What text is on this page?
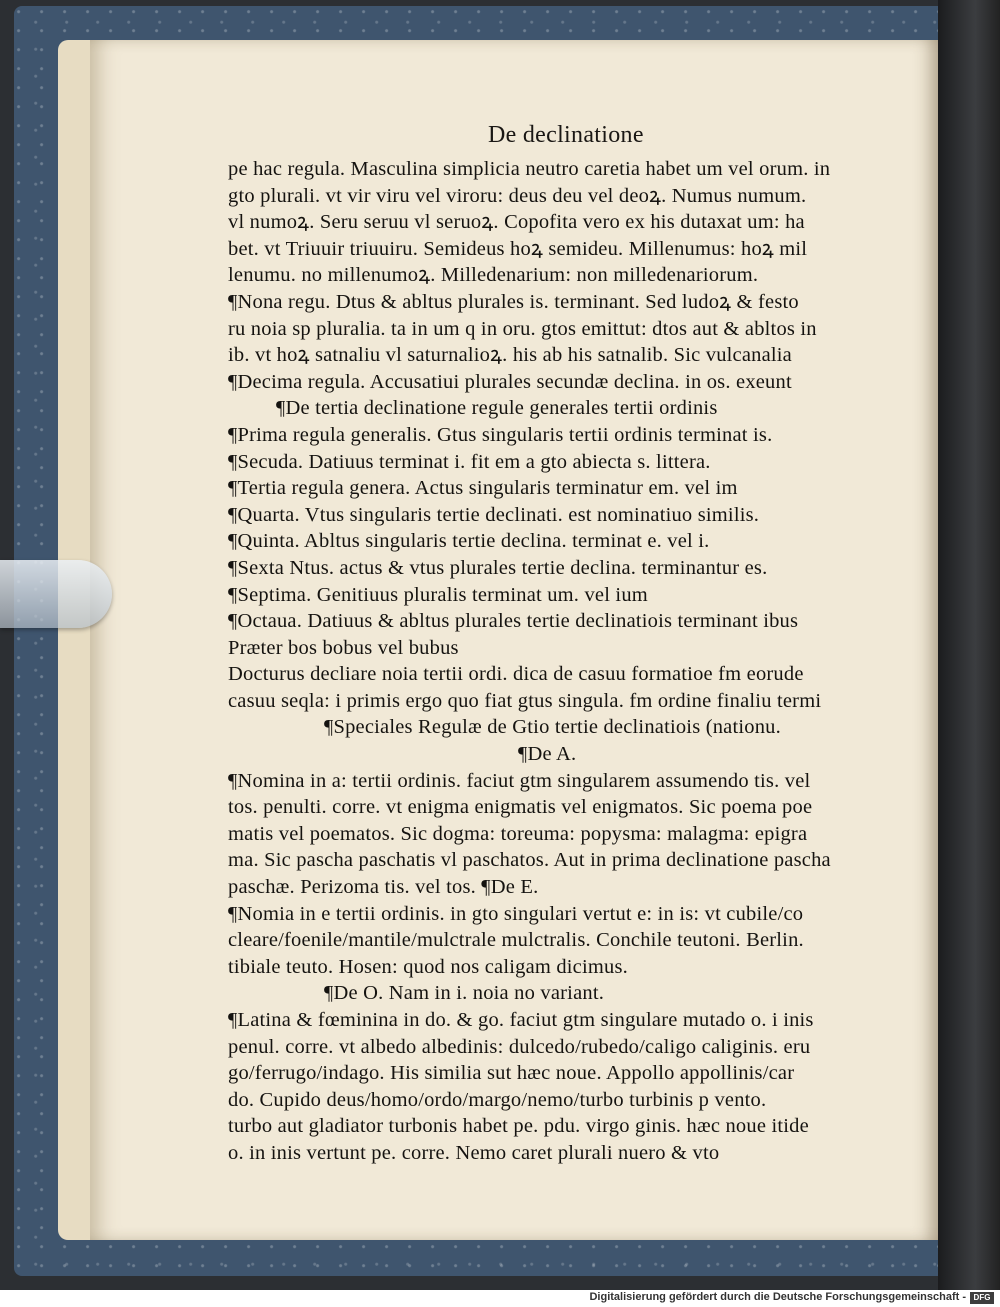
De declinatione
pe hac regula. Masculina simplicia neutro caretia habet um vel orum. in
gto plurali. vt vir viru vel viroru: deus deu vel deoꝝ. Numus numum.
vl numoꝝ. Seru seruu vl seruoꝝ. Copofita vero ex his dutaxat um: ha
bet. vt Triuuir triuuiru. Semideus hoꝝ semideu. Millenumus: hoꝝ mil
lenumu. no millenumoꝝ. Milledenarium: non milledenariorum.
¶Nona regu. Dtus & abltus plurales is. terminant. Sed ludoꝝ & festo
ru noia sp pluralia. ta in um q in oru. gtos emittut: dtos aut & abltos in
ib. vt hoꝝ satnaliu vl saturnalioꝝ. his ab his satnalib. Sic vulcanalia
¶Decima regula. Accusatiui plurales secundæ declina. in os. exeunt
¶De tertia declinatione regule generales tertii ordinis
¶Prima regula generalis. Gtus singularis tertii ordinis terminat is.
¶Secuda. Datiuus terminat i. fit em a gto abiecta s. littera.
¶Tertia regula genera. Actus singularis terminatur em. vel im
¶Quarta. Vtus singularis tertie declinati. est nominatiuo similis.
¶Quinta. Abltus singularis tertie declina. terminat e. vel i.
¶Sexta Ntus. actus & vtus plurales tertie declina. terminantur es.
¶Septima. Genitiuus pluralis terminat um. vel ium
¶Octaua. Datiuus & abltus plurales tertie declinatiois terminant ibus
Præter bos bobus vel bubus
Docturus decliare noia tertii ordi. dica de casuu formatioe fm eorude
casuu seqla: i primis ergo quo fiat gtus singula. fm ordine finaliu termi
¶Speciales Regulæ de Gtio tertie declinatiois (nationu.
¶De A.
¶Nomina in a: tertii ordinis. faciut gtm singularem assumendo tis. vel
tos. penulti. corre. vt enigma enigmatis vel enigmatos. Sic poema poe
matis vel poematos. Sic dogma: toreuma: popysma: malagma: epigra
ma. Sic pascha paschatis vl paschatos. Aut in prima declinatione pascha
paschæ. Perizoma tis. vel tos. ¶De E.
¶Nomia in e tertii ordinis. in gto singulari vertut e: in is: vt cubile/co
cleare/foenile/mantile/mulctrale mulctralis. Conchile teutoni. Berlin.
tibiale teuto. Hosen: quod nos caligam dicimus.
¶De O. Nam in i. noia no variant.
¶Latina & fœminina in do. & go. faciut gtm singulare mutado o. i inis
penul. corre. vt albedo albedinis: dulcedo/rubedo/caligo caliginis. eru
go/ferrugo/indago. His similia sut hæc noue. Appollo appollinis/car
do. Cupido deus/homo/ordo/margo/nemo/turbo turbinis p vento.
turbo aut gladiator turbonis habet pe. pdu. virgo ginis. hæc noue itide
o. in inis vertunt pe. corre. Nemo caret plurali nuero & vto
Digitalisierung gefördert durch die Deutsche Forschungsgemeinschaft - DFG
